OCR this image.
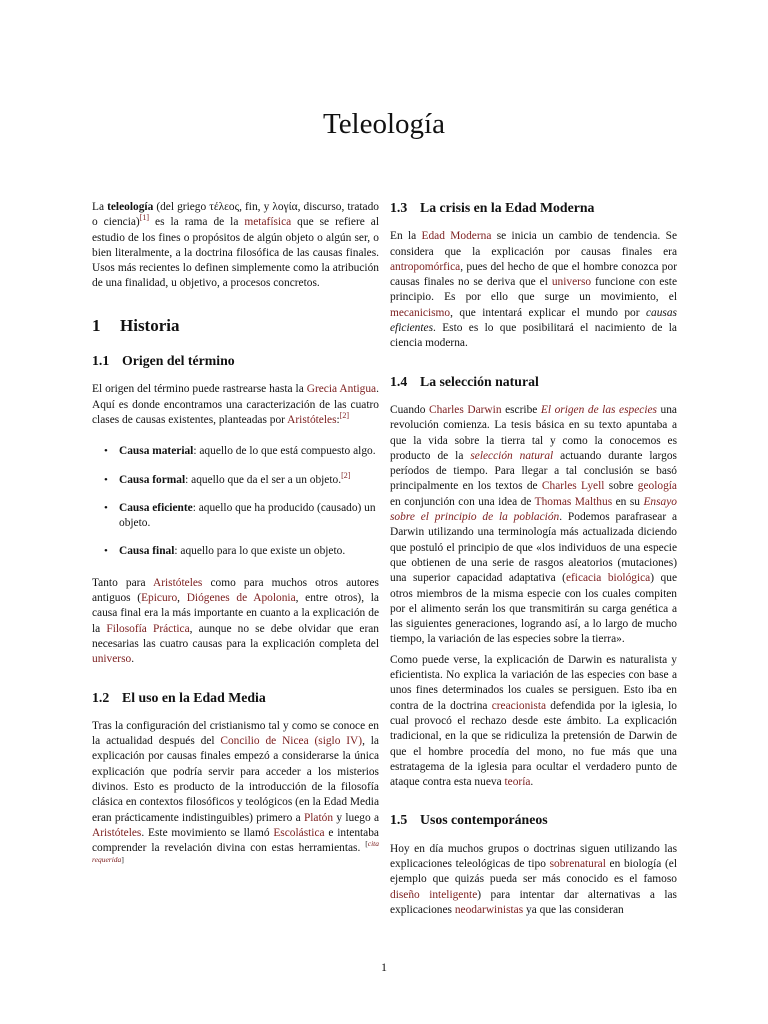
Teleología

La teleología (del griego τέλεος, fin, y λογία, discurso, tratado o ciencia)[1] es la rama de la metafísica que se refiere al estudio de los fines o propósitos de algún objeto o algún ser, o bien literalmente, a la doctrina filosófica de las causas finales. Usos más recientes lo definen simplemente como la atribución de una finalidad, u objetivo, a procesos concretos.

1 Historia
1.1 Origen del término

El origen del término puede rastrearse hasta la Grecia Antigua. Aquí es donde encontramos una caracterización de las cuatro clases de causas existentes, planteadas por Aristóteles:[2]

• Causa material: aquello de lo que está compuesto algo.
• Causa formal: aquello que da el ser a un objeto.[2]
• Causa eficiente: aquello que ha producido (causado) un objeto.
• Causa final: aquello para lo que existe un objeto.

Tanto para Aristóteles como para muchos otros autores antiguos (Epicuro, Diógenes de Apolonia, entre otros), la causa final era la más importante en cuanto a la explicación de la Filosofía Práctica, aunque no se debe olvidar que eran necesarias las cuatro causas para la explicación completa del universo.

1.2 El uso en la Edad Media

Tras la configuración del cristianismo tal y como se conoce en la actualidad después del Concilio de Nicea (siglo IV), la explicación por causas finales empezó a considerarse la única explicación que podría servir para acceder a los misterios divinos. Esto es producto de la introducción de la filosofía clásica en contextos filosóficos y teológicos (en la Edad Media eran prácticamente indistinguibles) primero a Platón y luego a Aristóteles. Este movimiento se llamó Escolástica e intentaba comprender la revelación divina con estas herramientas. [cita requerida]

1.3 La crisis en la Edad Moderna

En la Edad Moderna se inicia un cambio de tendencia. Se considera que la explicación por causas finales era antropomórfica, pues del hecho de que el hombre conozca por causas finales no se deriva que el universo funcione con este principio. Es por ello que surge un movimiento, el mecanicismo, que intentará explicar el mundo por causas eficientes. Esto es lo que posibilitará el nacimiento de la ciencia moderna.

1.4 La selección natural

Cuando Charles Darwin escribe El origen de las especies una revolución comienza. La tesis básica en su texto apuntaba a que la vida sobre la tierra tal y como la conocemos es producto de la selección natural actuando durante largos períodos de tiempo. Para llegar a tal conclusión se basó principalmente en los textos de Charles Lyell sobre geología en conjunción con una idea de Thomas Malthus en su Ensayo sobre el principio de la población. Podemos parafrasear a Darwin utilizando una terminología más actualizada diciendo que postuló el principio de que «los individuos de una especie que obtienen de una serie de rasgos aleatorios (mutaciones) una superior capacidad adaptativa (eficacia biológica) que otros miembros de la misma especie con los cuales compiten por el alimento serán los que transmitirán su carga genética a las siguientes generaciones, logrando así, a lo largo de mucho tiempo, la variación de las especies sobre la tierra».

Como puede verse, la explicación de Darwin es naturalista y eficientista. No explica la variación de las especies con base a unos fines determinados los cuales se persiguen. Esto iba en contra de la doctrina creacionista defendida por la iglesia, lo cual provocó el rechazo desde este ámbito. La explicación tradicional, en la que se ridiculiza la pretensión de Darwin de que el hombre procedía del mono, no fue más que una estratagema de la iglesia para ocultar el verdadero punto de ataque contra esta nueva teoría.

1.5 Usos contemporáneos

Hoy en día muchos grupos o doctrinas siguen utilizando las explicaciones teleológicas de tipo sobrenatural en biología (el ejemplo que quizás pueda ser más conocido es el famoso diseño inteligente) para intentar dar alternativas a las explicaciones neodarwinistas ya que las consideran

1
